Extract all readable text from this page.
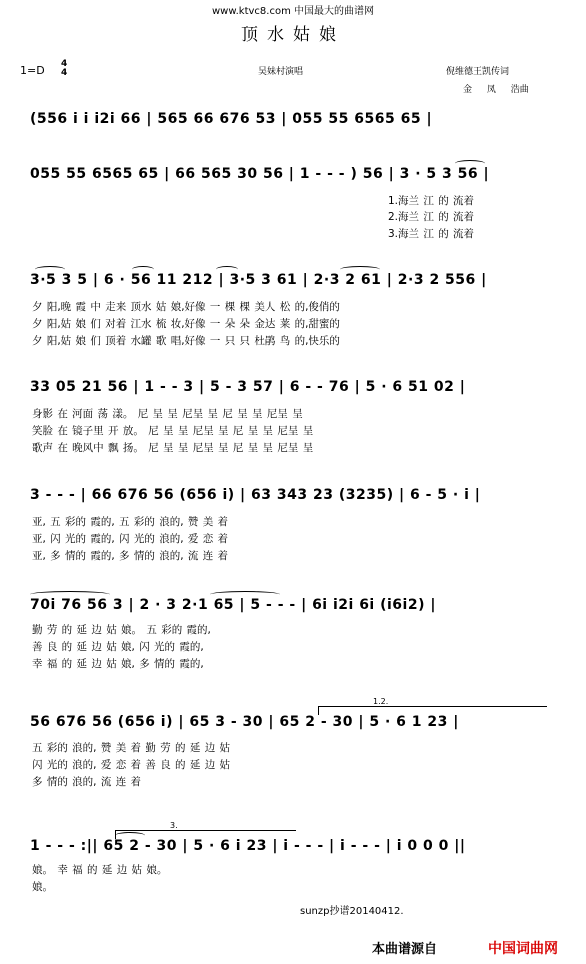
www.ktvc8.com 中国最大的曲谱网
顶水姑娘
1=D 4
4	吴妹村演唱	倪维德王凯传词
金 凤 浩曲
(556 i i i2i 66 | 565 66 676 53 | 055 55 6565 65 |
055 55 6565 65 | 66 565 30 56 | 1 - - - ) 56 | 3 · 5 3 56 |
1.海兰 江 的 流着
2.海兰 江 的 流着
3.海兰 江 的 流着
3·5 3 5 | 6 · 56 11 212 | 3·5 3 61 | 2·3 2 61 | 2·3 2 556 |
夕 阳,晚 霞 中 走来 顶水 姑 娘,好像 一 棵 棵 美人 松 的,俊俏的
夕 阳,姑 娘 们 对着 江水 梳 妆,好像 一 朵 朵 金达 莱 的,甜蜜的
夕 阳,姑 娘 们 顶着 水罐 歌 唱,好像 一 只 只 杜鹃 鸟 的,快乐的
33 05 21 56 | 1 - - 3 | 5 - 3 57 | 6 - - 76 | 5 · 6 51 02 |
身影 在 河面 荡 漾。 尼 呈 呈 尼呈 呈 尼 呈 呈 尼呈 呈
笑脸 在 镜子里 开 放。 尼 呈 呈 尼呈 呈 尼 呈 呈 尼呈 呈
歌声 在 晚风中 飘 扬。 尼 呈 呈 尼呈 呈 尼 呈 呈 尼呈 呈
3 - - - | 66 676 56 (656 i) | 63 343 23 (3235) | 6 - 5 · i |
亚, 五 彩的 霞的, 五 彩的 浪的, 赞 美 着
亚, 闪 光的 霞的, 闪 光的 浪的, 爱 恋 着
亚, 多 情的 霞的, 多 情的 浪的, 流 连 着
70i 76 56 3 | 2 · 3 2·1 65 | 5 - - - | 6i i2i 6i (i6i2) |
勤 劳 的 延 边 姑 娘。 五 彩的 霞的,
善 良 的 延 边 姑 娘, 闪 光的 霞的,
幸 福 的 延 边 姑 娘, 多 情的 霞的,
1.2.
56 676 56 (656 i) | 65 3 - 30 | 65 2 - 30 | 5 · 6 1 23 |
五 彩的 浪的, 赞 美 着 勤 劳 的 延 边 姑
闪 光的 浪的, 爱 恋 着 善 良 的 延 边 姑
多 情的 浪的, 流 连 着
3.
1 - - - :|| 65 2 - 30 | 5 · 6 i 23 | i - - - | i - - - | i 0 0 0 ||
娘。 幸 福 的 延 边 姑 娘。
娘。
sunzp抄谱20140412.
本曲谱源自	中国词曲网
